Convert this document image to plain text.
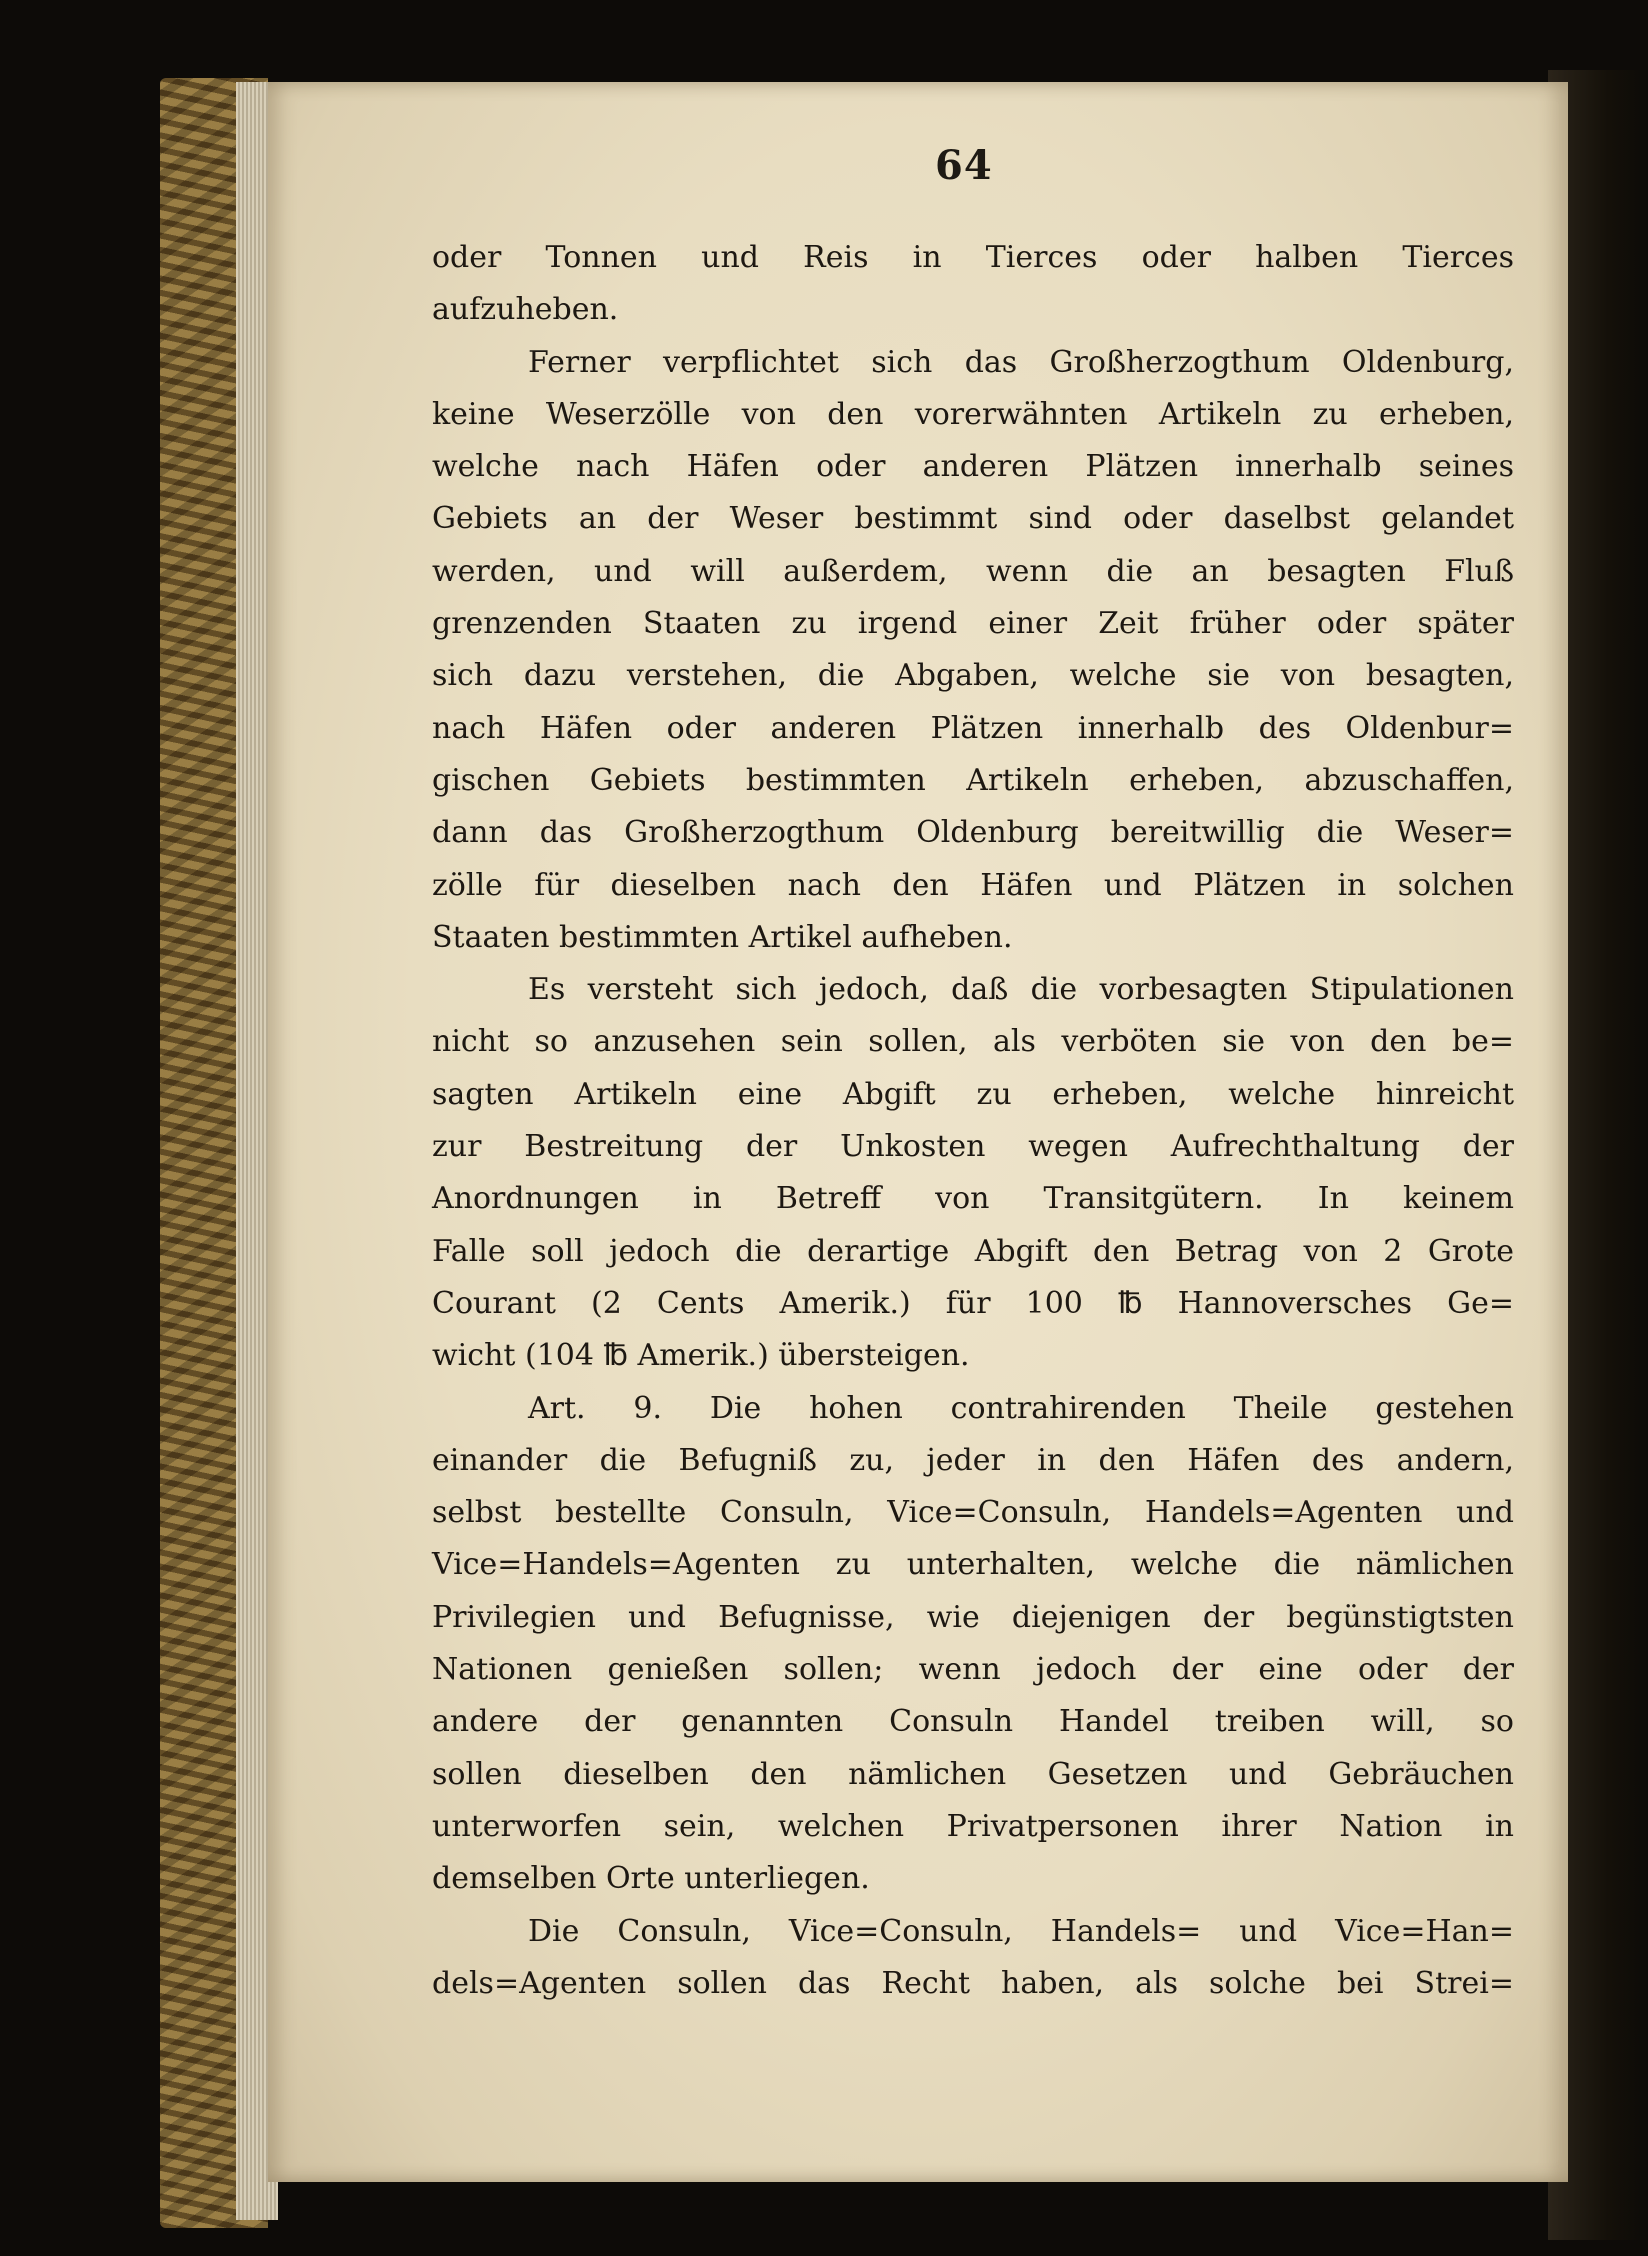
64
oder Tonnen und Reis in Tierces oder halben Tierces
aufzuheben.
Ferner verpflichtet sich das Großherzogthum Oldenburg,
keine Weserzölle von den vorerwähnten Artikeln zu erheben,
welche nach Häfen oder anderen Plätzen innerhalb seines
Gebiets an der Weser bestimmt sind oder daselbst gelandet
werden, und will außerdem, wenn die an besagten Fluß
grenzenden Staaten zu irgend einer Zeit früher oder später
sich dazu verstehen, die Abgaben, welche sie von besagten,
nach Häfen oder anderen Plätzen innerhalb des Oldenbur=
gischen Gebiets bestimmten Artikeln erheben, abzuschaffen,
dann das Großherzogthum Oldenburg bereitwillig die Weser=
zölle für dieselben nach den Häfen und Plätzen in solchen
Staaten bestimmten Artikel aufheben.
Es versteht sich jedoch, daß die vorbesagten Stipulationen
nicht so anzusehen sein sollen, als verböten sie von den be=
sagten Artikeln eine Abgift zu erheben, welche hinreicht
zur Bestreitung der Unkosten wegen Aufrechthaltung der
Anordnungen in Betreff von Transitgütern. In keinem
Falle soll jedoch die derartige Abgift den Betrag von 2 Grote
Courant (2 Cents Amerik.) für 100 ℔ Hannoversches Ge=
wicht (104 ℔ Amerik.) übersteigen.
Art. 9. Die hohen contrahirenden Theile gestehen
einander die Befugniß zu, jeder in den Häfen des andern,
selbst bestellte Consuln, Vice=Consuln, Handels=Agenten und
Vice=Handels=Agenten zu unterhalten, welche die nämlichen
Privilegien und Befugnisse, wie diejenigen der begünstigtsten
Nationen genießen sollen; wenn jedoch der eine oder der
andere der genannten Consuln Handel treiben will, so
sollen dieselben den nämlichen Gesetzen und Gebräuchen
unterworfen sein, welchen Privatpersonen ihrer Nation in
demselben Orte unterliegen.
Die Consuln, Vice=Consuln, Handels= und Vice=Han=
dels=Agenten sollen das Recht haben, als solche bei Strei=
